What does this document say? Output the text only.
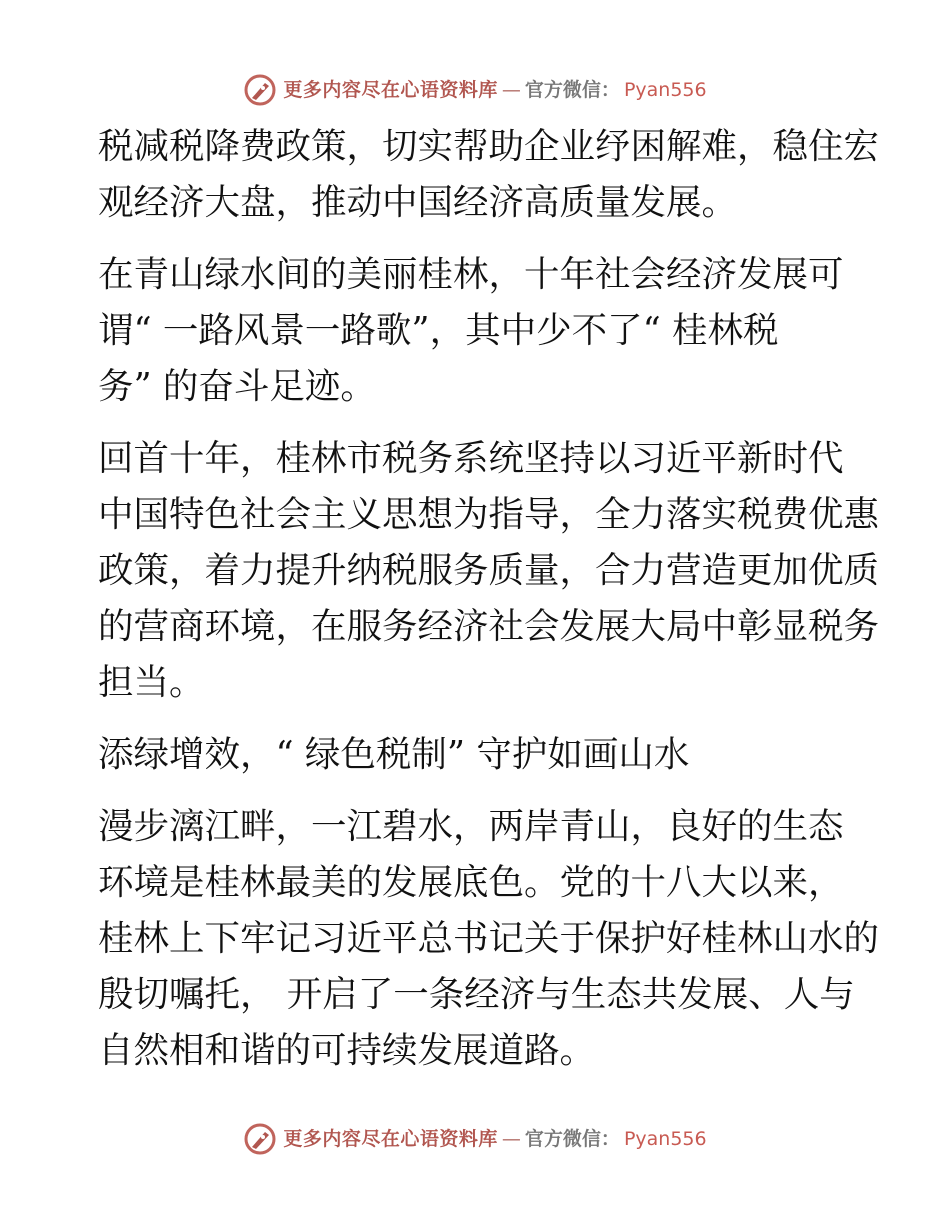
更多内容尽在心语资料库 — 官方微信： Pyan556

税减税降费政策，切实帮助企业纾困解难，稳住宏
观经济大盘，推动中国经济高质量发展。

在青山绿水间的美丽桂林，十年社会经济发展可
谓“ 一路风景一路歌”，其中少不了“ 桂林税
务” 的奋斗足迹。

回首十年，桂林市税务系统坚持以习近平新时代
中国特色社会主义思想为指导，全力落实税费优惠
政策，着力提升纳税服务质量，合力营造更加优质
的营商环境，在服务经济社会发展大局中彰显税务
担当。

添绿增效，“ 绿色税制” 守护如画山水

漫步漓江畔，一江碧水，两岸青山，良好的生态
环境是桂林最美的发展底色。党的十八大以来，
桂林上下牢记习近平总书记关于保护好桂林山水的
殷切嘱托， 开启了一条经济与生态共发展、人与
自然相和谐的可持续发展道路。

更多内容尽在心语资料库 — 官方微信： Pyan556
